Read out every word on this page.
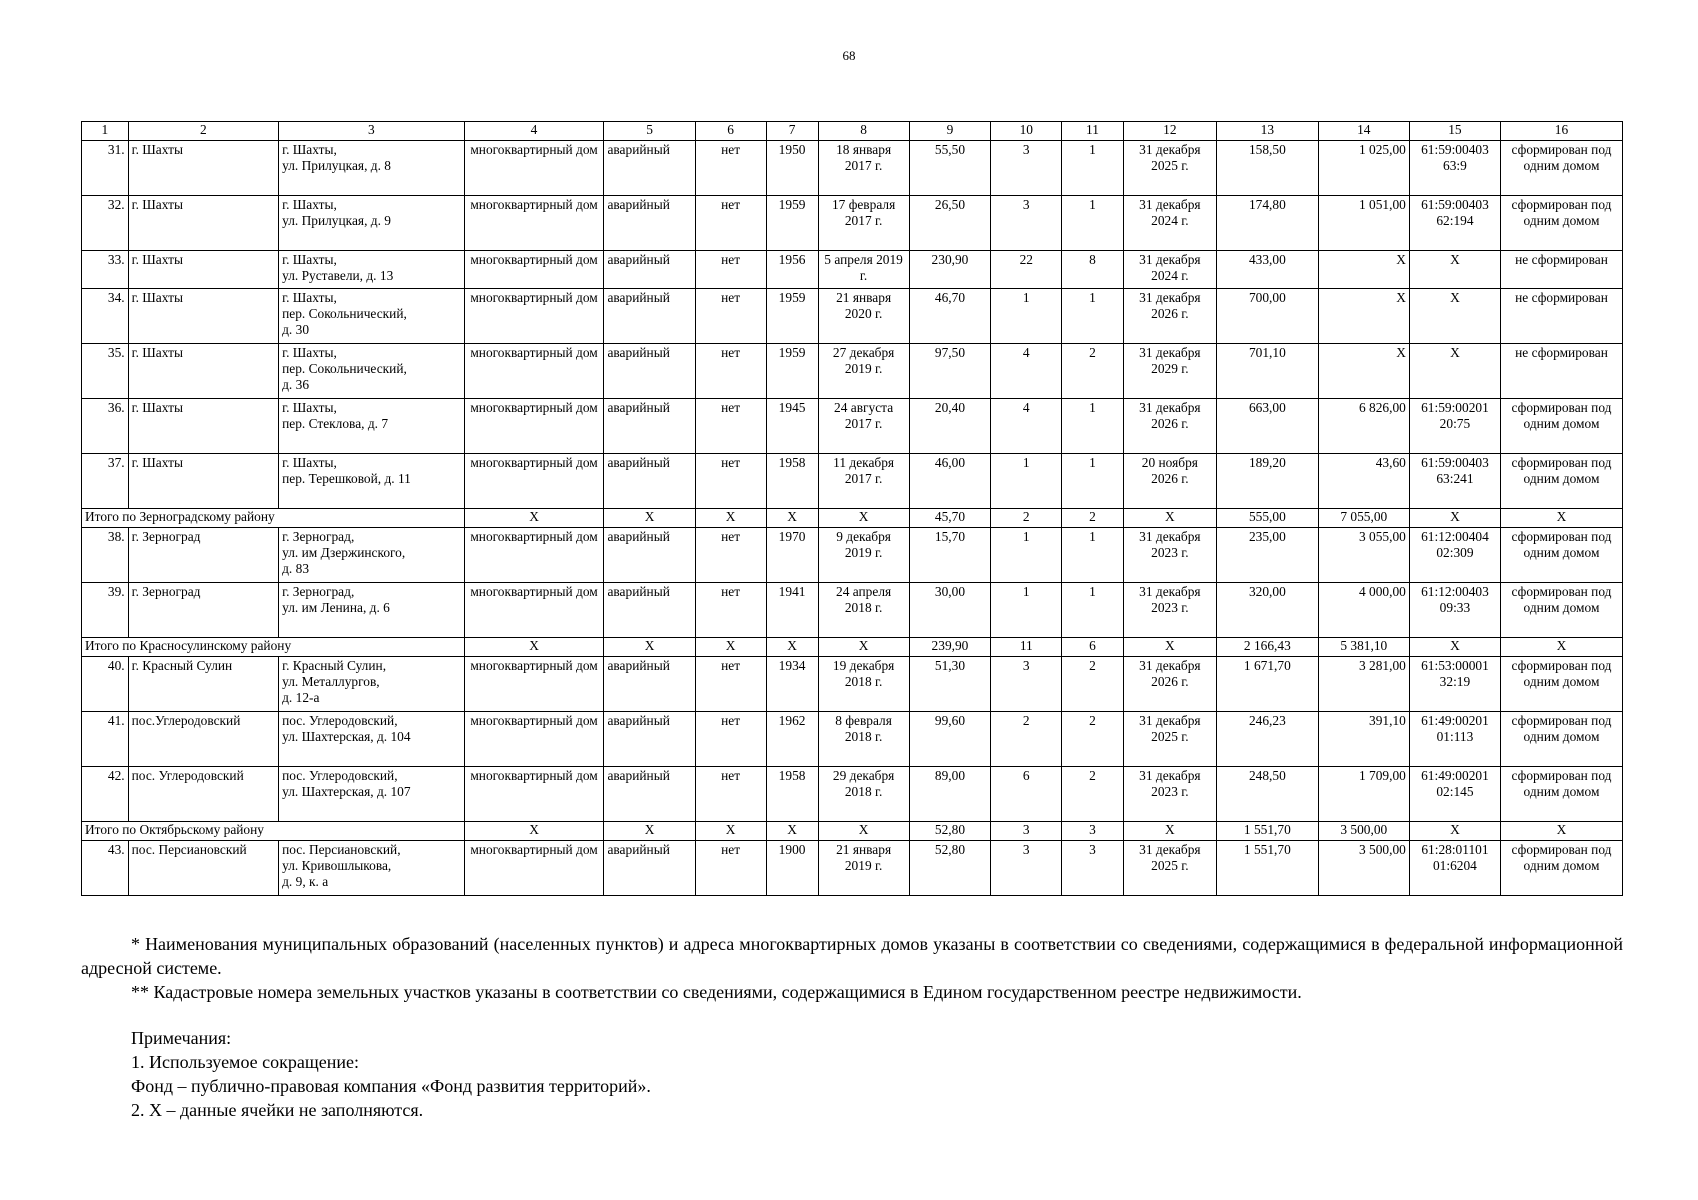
68
1	2	3	4	5	6	7	8	9	10	11	12	13	14	15	16
31.	г. Шахты	г. Шахты,
ул. Прилуцкая, д. 8	многоквартирный дом	аварийный	нет	1950	18 января 2017 г.	55,50	3	1	31 декабря 2025 г.	158,50	1 025,00	61:59:00403 63:9	сформирован под одним домом
32.	г. Шахты	г. Шахты,
ул. Прилуцкая, д. 9	многоквартирный дом	аварийный	нет	1959	17 февраля 2017 г.	26,50	3	1	31 декабря 2024 г.	174,80	1 051,00	61:59:00403 62:194	сформирован под одним домом
33.	г. Шахты	г. Шахты,
ул. Руставели, д. 13	многоквартирный дом	аварийный	нет	1956	5 апреля 2019 г.	230,90	22	8	31 декабря 2024 г.	433,00	X	X	не сформирован
34.	г. Шахты	г. Шахты,
пер. Сокольнический,
д. 30	многоквартирный дом	аварийный	нет	1959	21 января 2020 г.	46,70	1	1	31 декабря 2026 г.	700,00	X	X	не сформирован
35.	г. Шахты	г. Шахты,
пер. Сокольнический,
д. 36	многоквартирный дом	аварийный	нет	1959	27 декабря 2019 г.	97,50	4	2	31 декабря 2029 г.	701,10	X	X	не сформирован
36.	г. Шахты	г. Шахты,
пер. Стеклова, д. 7	многоквартирный дом	аварийный	нет	1945	24 августа 2017 г.	20,40	4	1	31 декабря 2026 г.	663,00	6 826,00	61:59:00201 20:75	сформирован под одним домом
37.	г. Шахты	г. Шахты,
пер. Терешковой, д. 11	многоквартирный дом	аварийный	нет	1958	11 декабря 2017 г.	46,00	1	1	20 ноября 2026 г.	189,20	43,60	61:59:00403 63:241	сформирован под одним домом
Итого по Зерноградскому району			X	X	X	X	X	45,70	2	2	X	555,00	7 055,00	X	X
38.	г. Зерноград	г. Зерноград,
ул. им Дзержинского,
д. 83	многоквартирный дом	аварийный	нет	1970	9 декабря 2019 г.	15,70	1	1	31 декабря 2023 г.	235,00	3 055,00	61:12:00404 02:309	сформирован под одним домом
39.	г. Зерноград	г. Зерноград,
ул. им Ленина, д. 6	многоквартирный дом	аварийный	нет	1941	24 апреля 2018 г.	30,00	1	1	31 декабря 2023 г.	320,00	4 000,00	61:12:00403 09:33	сформирован под одним домом
Итого по Красносулинскому району			X	X	X	X	X	239,90	11	6	X	2 166,43	5 381,10	X	X
40.	г. Красный Сулин	г. Красный Сулин,
ул. Металлургов,
д. 12-а	многоквартирный дом	аварийный	нет	1934	19 декабря 2018 г.	51,30	3	2	31 декабря 2026 г.	1 671,70	3 281,00	61:53:00001 32:19	сформирован под одним домом
41.	пос.Углеродовский	пос. Углеродовский,
ул. Шахтерская, д. 104	многоквартирный дом	аварийный	нет	1962	8 февраля 2018 г.	99,60	2	2	31 декабря 2025 г.	246,23	391,10	61:49:00201 01:113	сформирован под одним домом
42.	пос. Углеродовский	пос. Углеродовский,
ул. Шахтерская, д. 107	многоквартирный дом	аварийный	нет	1958	29 декабря 2018 г.	89,00	6	2	31 декабря 2023 г.	248,50	1 709,00	61:49:00201 02:145	сформирован под одним домом
Итого по Октябрьскому району			X	X	X	X	X	52,80	3	3	X	1 551,70	3 500,00	X	X
43.	пос. Персиановский	пос. Персиановский,
ул. Кривошлыкова,
д. 9, к. а	многоквартирный дом	аварийный	нет	1900	21 января 2019 г.	52,80	3	3	31 декабря 2025 г.	1 551,70	3 500,00	61:28:01101 01:6204	сформирован под одним домом

* Наименования муниципальных образований (населенных пунктов) и адреса многоквартирных домов указаны в соответствии со сведениями, содержащимися в федеральной информационной адресной системе.

** Кадастровые номера земельных участков указаны в соответствии со сведениями, содержащимися в Едином государственном реестре недвижимости.

Примечания:

1. Используемое сокращение:

Фонд – публично-правовая компания «Фонд развития территорий».

2. X – данные ячейки не заполняются.
